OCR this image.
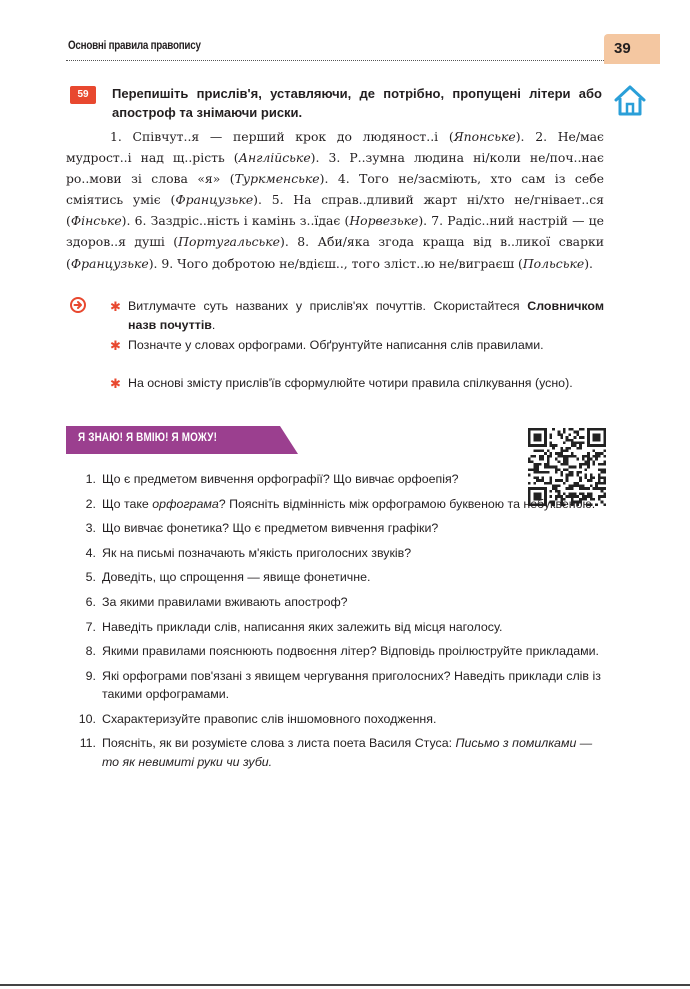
Основні правила правопису	39
59	Перепишіть прислів'я, уставляючи, де потрібно, пропущені літери або апостроф та знімаючи риски.

1. Співчут..я — перший крок до людяност..і (Японське). 2. Не/має мудрост..і над щ..рість (Англійське). 3. Р..зумна людина ні/коли не/поч..нає ро..мови зі слова «я» (Туркменське). 4. Того не/засміють, хто сам із себе сміятись уміє (Французьке). 5. На справ..дливий жарт ні/хто не/гнівает..ся (Фінське). 6. Заздріс..ність і камінь з..їдає (Норвезьке). 7. Радіс..ний настрій — це здоров..я душі (Португальське). 8. Аби/яка згода краща від в..ликої сварки (Французьке). 9. Чого добротою не/вдієш.., того зліст..ю не/виграєш (Польське).

✱ Витлумачте суть названих у прислів'ях почуттів. Скористайтеся Словничком назв почуттів.
✱ Позначте у словах орфограми. Обґрунтуйте написання слів правилами.
✱ На основі змісту прислів'їв сформулюйте чотири правила спілкування (усно).
Я ЗНАЮ! Я ВМІЮ! Я МОЖУ!
1. Що є предметом вивчення орфографії? Що вивчає орфоепія?
2. Що таке орфограма? Поясніть відмінність між орфограмою буквеною та небуквеною.
3. Що вивчає фонетика? Що є предметом вивчення графіки?
4. Як на письмі позначають м'якість приголосних звуків?
5. Доведіть, що спрощення — явище фонетичне.
6. За якими правилами вживають апостроф?
7. Наведіть приклади слів, написання яких залежить від місця наголосу.
8. Якими правилами пояснюють подвоєння літер? Відповідь проілюструйте прикладами.
9. Які орфограми пов'язані з явищем чергування приголосних? Наведіть приклади слів із такими орфограмами.
10. Схарактеризуйте правопис слів іншомовного походження.
11. Поясніть, як ви розумієте слова з листа поета Василя Стуса: Письмо з помилками — то як невимиті руки чи зуби.
